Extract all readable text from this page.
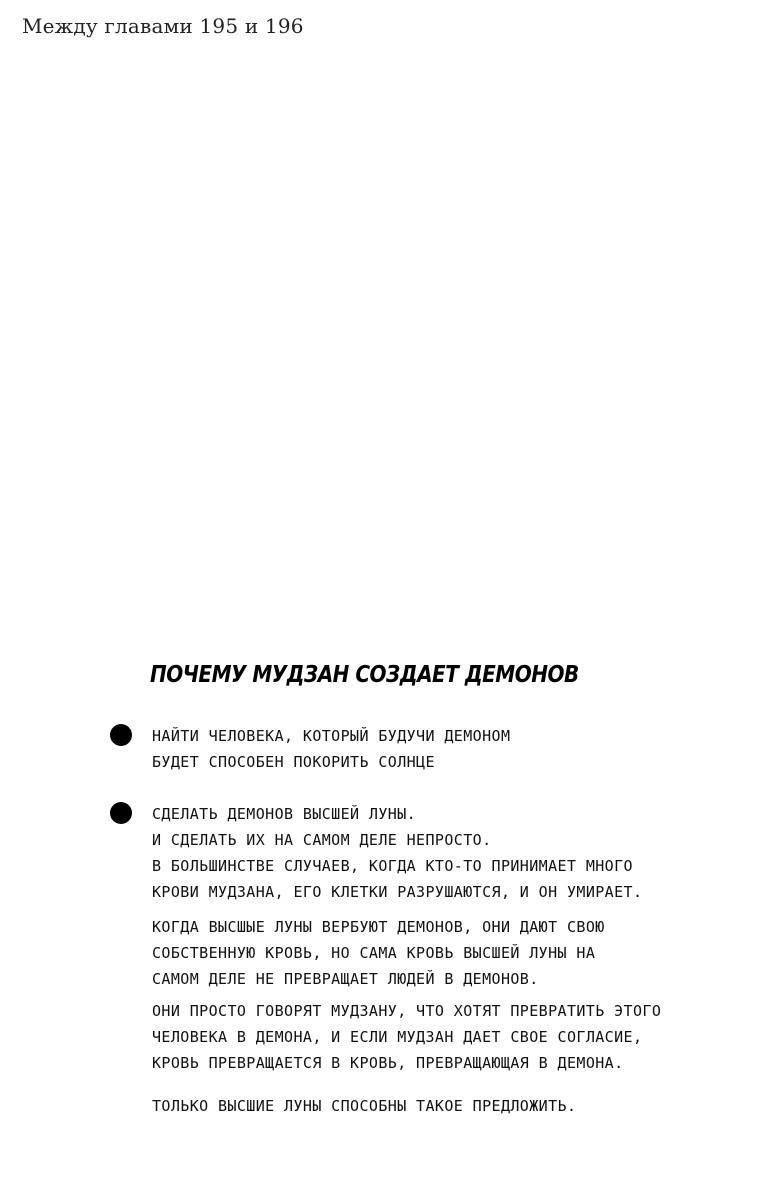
Между главами 195 и 196
ПОЧЕМУ МУДЗАН СОЗДАЕТ ДЕМОНОВ
НАЙТИ ЧЕЛОВЕКА, КОТОРЫЙ БУДУЧИ ДЕМОНОМ
БУДЕТ СПОСОБЕН ПОКОРИТЬ СОЛНЦЕ
СДЕЛАТЬ ДЕМОНОВ ВЫСШЕЙ ЛУНЫ.
И СДЕЛАТЬ ИХ НА САМОМ ДЕЛЕ НЕПРОСТО.
В БОЛЬШИНСТВЕ СЛУЧАЕВ, КОГДА КТО-ТО ПРИНИМАЕТ МНОГО
КРОВИ МУДЗАНА, ЕГО КЛЕТКИ РАЗРУШАЮТСЯ, И ОН УМИРАЕТ.
КОГДА ВЫСШЫЕ ЛУНЫ ВЕРБУЮТ ДЕМОНОВ, ОНИ ДАЮТ СВОЮ
СОБСТВЕННУЮ КРОВЬ, НО САМА КРОВЬ ВЫСШЕЙ ЛУНЫ НА
САМОМ ДЕЛЕ НЕ ПРЕВРАЩАЕТ ЛЮДЕЙ В ДЕМОНОВ.
ОНИ ПРОСТО ГОВОРЯТ МУДЗАНУ, ЧТО ХОТЯТ ПРЕВРАТИТЬ ЭТОГО
ЧЕЛОВЕКА В ДЕМОНА, И ЕСЛИ МУДЗАН ДАЕТ СВОЕ СОГЛАСИЕ,
КРОВЬ ПРЕВРАЩАЕТСЯ В КРОВЬ, ПРЕВРАЩАЮЩАЯ В ДЕМОНА.
ТОЛЬКО ВЫСШИЕ ЛУНЫ СПОСОБНЫ ТАКОЕ ПРЕДЛОЖИТЬ.
